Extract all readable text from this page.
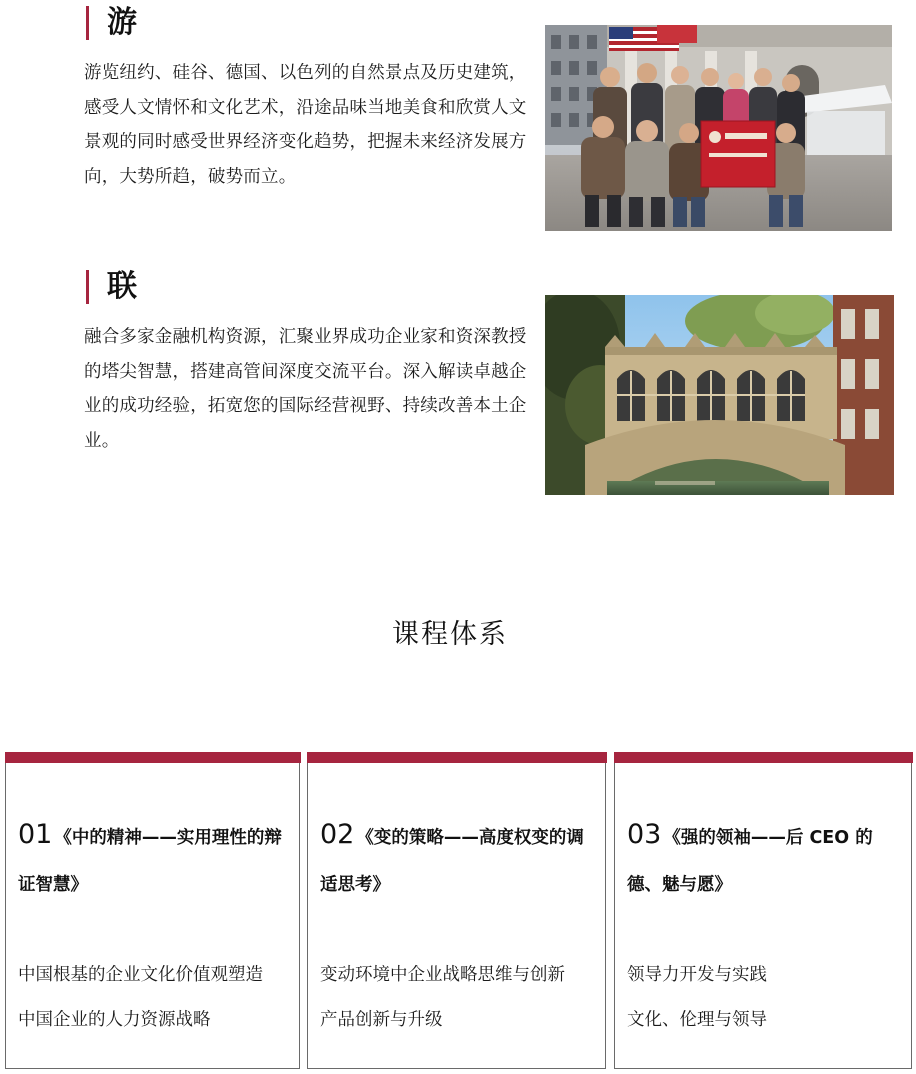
游

游览纽约、硅谷、德国、以色列的自然景点及历史建筑，感受人文情怀和文化艺术，沿途品味当地美食和欣赏人文景观的同时感受世界经济变化趋势，把握未来经济发展方向，大势所趋，破势而立。

联

融合多家金融机构资源，汇聚业界成功企业家和资深教授的塔尖智慧，搭建高管间深度交流平台。深入解读卓越企业的成功经验，拓宽您的国际经营视野、持续改善本土企业。

课程体系
01 《中的精神——实用理性的辩证智慧》
中国根基的企业文化价值观塑造
中国企业的人力资源战略
02 《变的策略——高度权变的调适思考》
变动环境中企业战略思维与创新
产品创新与升级
03 《强的领袖——后 CEO 的德、魅与愿》
领导力开发与实践
文化、伦理与领导
